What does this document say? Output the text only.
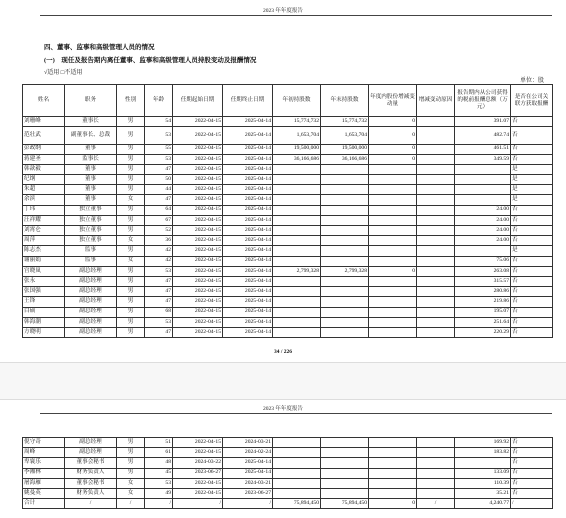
2023 年年度报告
四、董事、监事和高级管理人员的情况
(一)　现任及报告期内离任董事、监事和高级管理人员持股变动及报酬情况
√适用 □不适用
单位：股
姓名	职务	性别	年龄	任期起始日期	任期终止日期	年初持股数	年末持股数	年度内股份增减变动量	增减变动原因	报告期内从公司获得的税前报酬总额（万元）	是否在公司关联方获取报酬
刘珊峰	董事长	男	54	2022-04-15	2025-04-14	15,774,732	15,774,732	0		391.07	否
范壮武	副董事长、总裁	男	53	2022-04-15	2025-04-14	1,653,704	1,653,704	0		482.74	否
彭政纲	董事	男	55	2022-04-15	2025-04-14	19,500,000	19,500,000	0		461.51	否
蒋建圣	监事长	男	53	2022-04-15	2025-04-14	36,166,686	36,166,686	0		349.59	否
韩歆毅	董事	男	47	2022-04-15	2025-04-14						是
纪纲	董事	男	50	2022-04-15	2025-04-14						是
朱超	董事	男	44	2022-04-15	2025-04-14						是
余滨	董事	女	47	2022-04-15	2025-04-14						是
丁玮	独立董事	男	64	2022-04-15	2025-04-14					24.00	否
汪祥耀	独立董事	男	67	2022-04-15	2025-04-14					24.00	否
刘霄仑	独立董事	男	52	2022-04-15	2025-04-14					24.00	否
周萍	独立董事	女	36	2022-04-15	2025-04-14					24.00	否
陈志杰	监事	男	42	2022-04-15	2025-04-14						是
谢丽娟	监事	女	42	2022-04-15	2025-04-14					75.06	否
宫晓岚	副总经理	男	53	2022-04-15	2025-04-14	2,799,328	2,799,328	0		263.08	否
张永	副总经理	男	47	2022-04-15	2025-04-14					315.57	否
张国强	副总经理	男	47	2022-04-15	2025-04-14					280.86	否
王锋	副总经理	男	47	2022-04-15	2025-04-14					219.86	否
白硕	副总经理	男	68	2022-04-15	2025-04-14					195.07	否
韩海潮	副总经理	男	53	2022-04-15	2025-04-14					251.64	否
方晓明	副总经理	男	47	2022-04-15	2025-04-14					220.29	否
34 / 226
2023 年年度报告
倪守奇	副总经理	男	51	2022-04-15	2024-03-21					169.92	否
周峰	副总经理	男	61	2022-04-15	2024-02-24					183.82	否
卑寰乐	董事会秘书	男	48	2024-03-22	2025-04-14						否
李湘林	财务负责人	男	45	2023-06-27	2025-04-14					133.09	否
屠海雁	董事会秘书	女	53	2022-04-15	2024-03-21					110.39	否
姚曼英	财务负责人	女	49	2022-04-15	2023-06-27					35.21	否
合计	/	/	/	/	/	75,894,450	75,894,450	0	/	4,240.77	/
